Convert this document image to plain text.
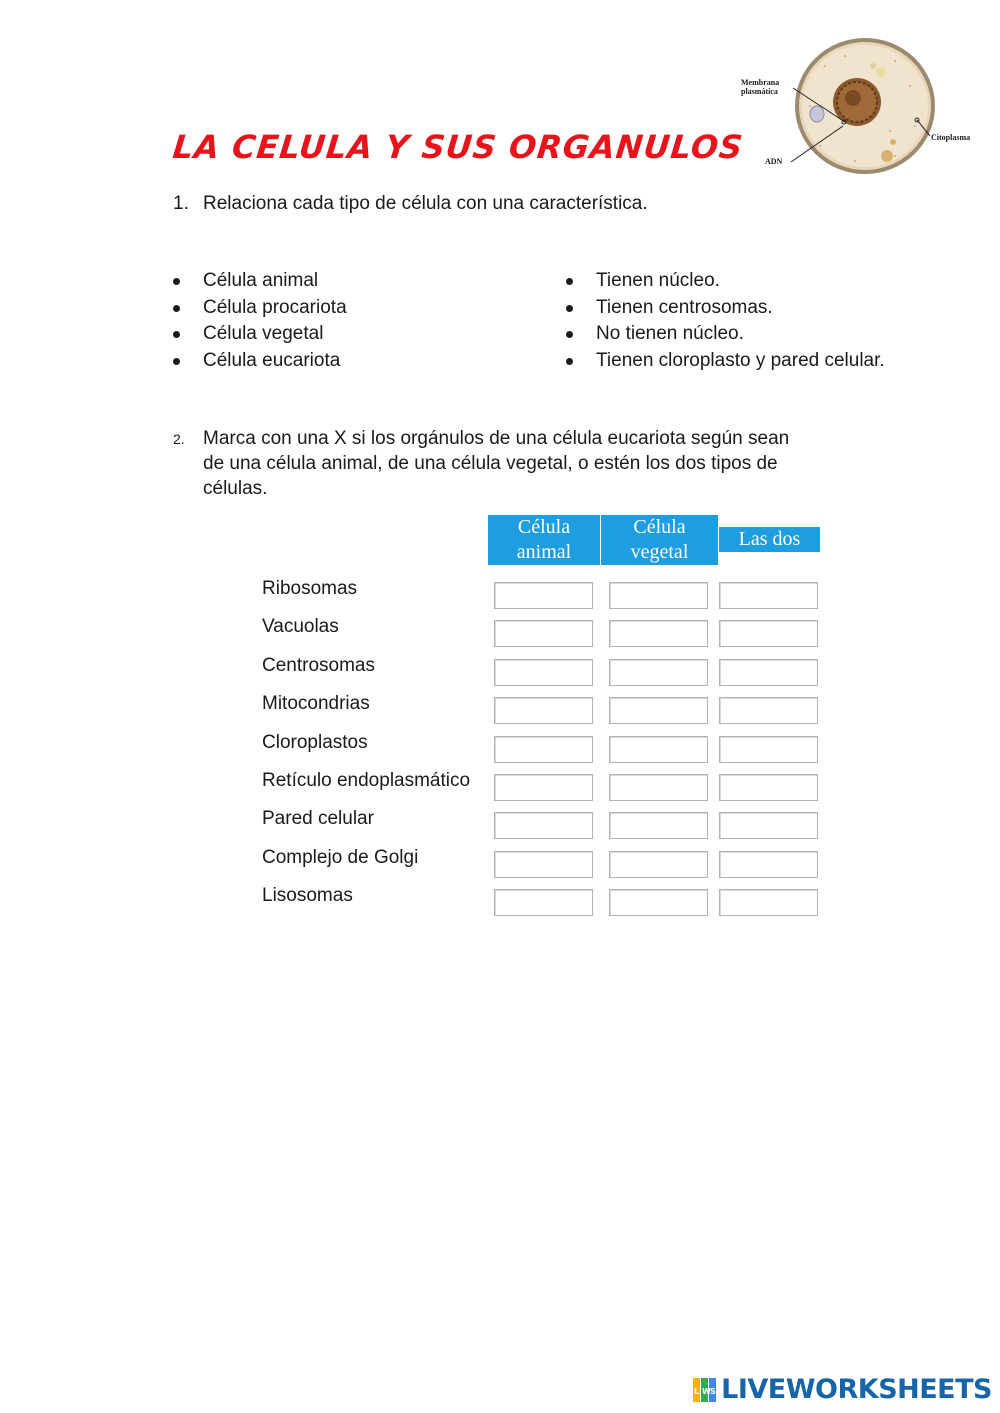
Membrana plasmática
Citoplasma
ADN
LA CELULA Y SUS ORGANULOS
1. Relaciona cada tipo de célula con una característica.
Célula animal
Célula procariota
Célula vegetal
Célula eucariota
Tienen núcleo.
Tienen centrosomas.
No tienen núcleo.
Tienen cloroplasto y pared celular.
2. Marca con una X si los orgánulos de una célula eucariota según sean
de una célula animal, de una célula vegetal, o estén los dos tipos de
células.
Célula
animal
Célula
vegetal
Las dos
Ribosomas
Vacuolas
Centrosomas
Mitocondrias
Cloroplastos
Retículo endoplasmático
Pared celular
Complejo de Golgi
Lisosomas
L W S LIVEWORKSHEETS
